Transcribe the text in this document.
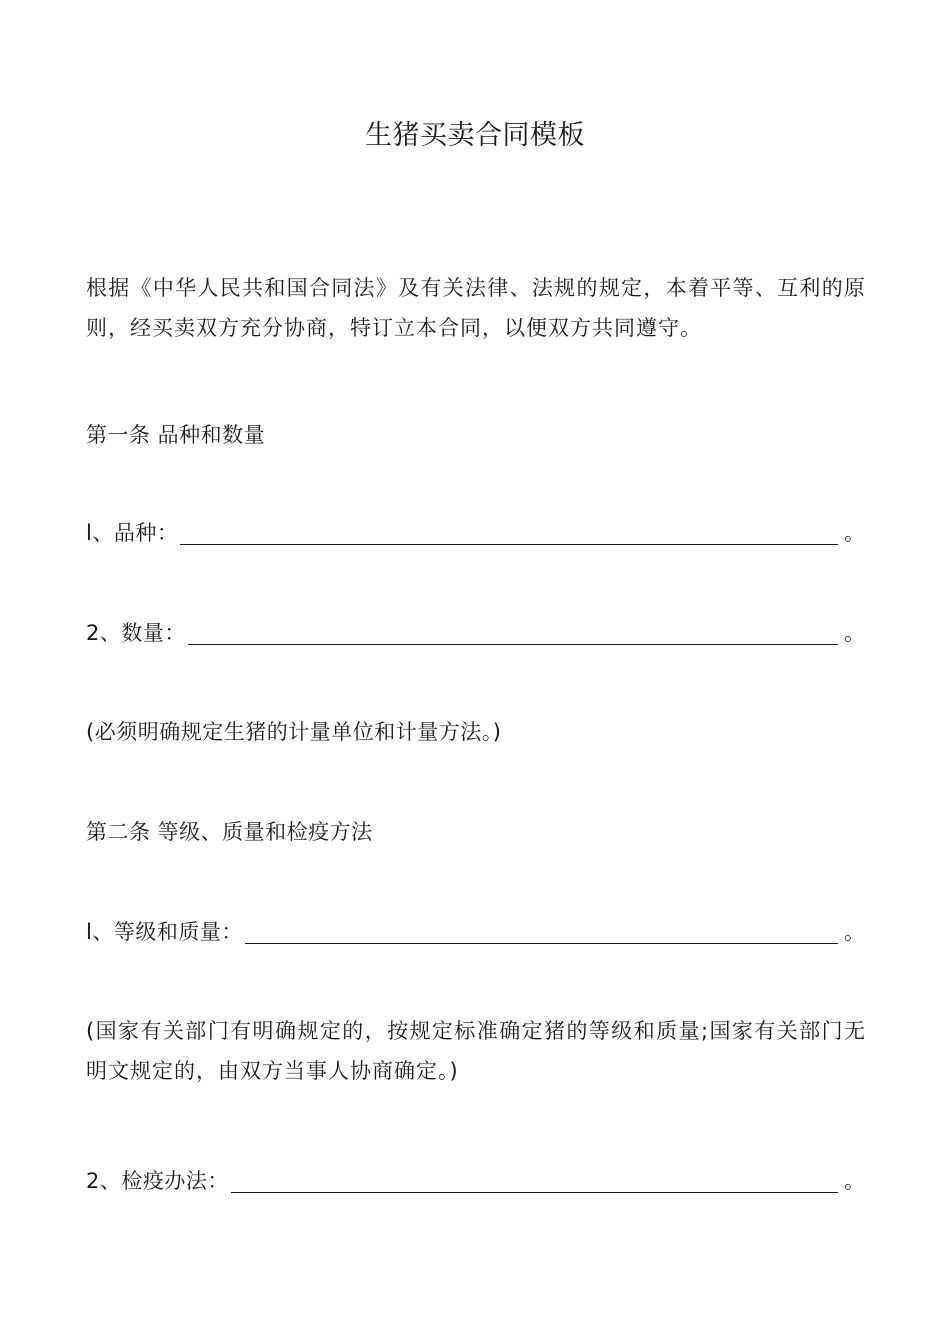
生猪买卖合同模板
根据《中华人民共和国合同法》及有关法律、法规的规定，本着平等、互利的原则，经买卖双方充分协商，特订立本合同，以便双方共同遵守。
第一条 品种和数量
l、品种：	。
2、数量：	。
(必须明确规定生猪的计量单位和计量方法。)
第二条 等级、质量和检疫方法
l、等级和质量：	。
(国家有关部门有明确规定的，按规定标准确定猪的等级和质量;国家有关部门无明文规定的，由双方当事人协商确定。)
2、检疫办法：	。
